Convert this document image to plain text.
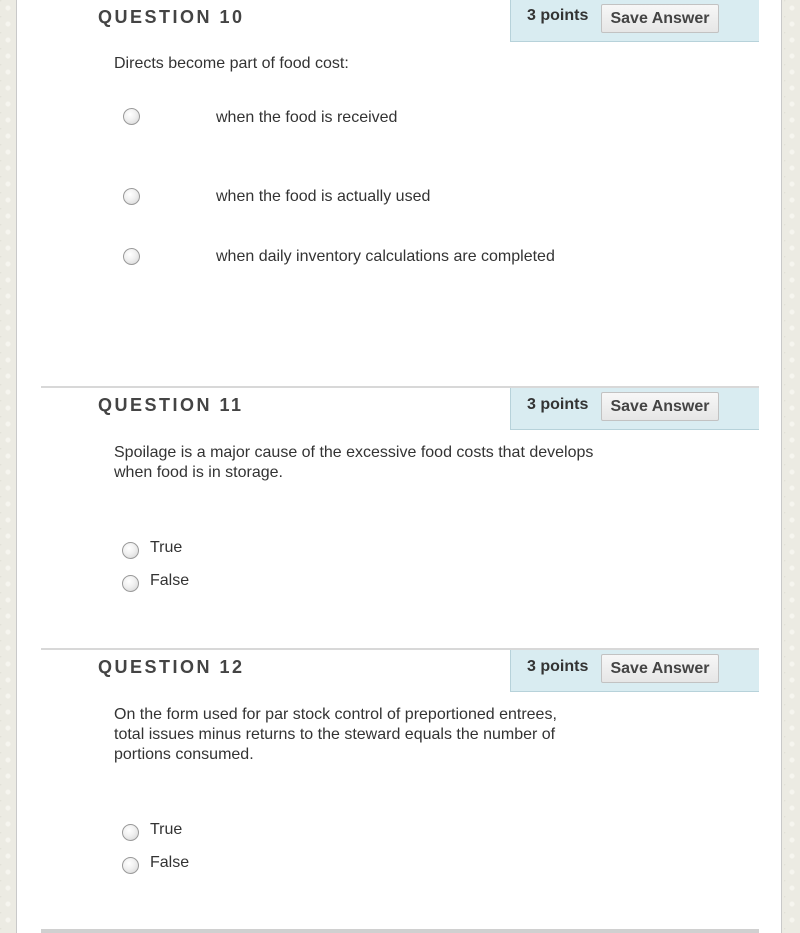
QUESTION 10	3 points	Save Answer
Directs become part of food cost:
when the food is received
when the food is actually used
when daily inventory calculations are completed
QUESTION 11	3 points	Save Answer
Spoilage is a major cause of the excessive food costs that develops when food is in storage.
True
False
QUESTION 12	3 points	Save Answer
On the form used for par stock control of preportioned entrees, total issues minus returns to the steward equals the number of portions consumed.
True
False
